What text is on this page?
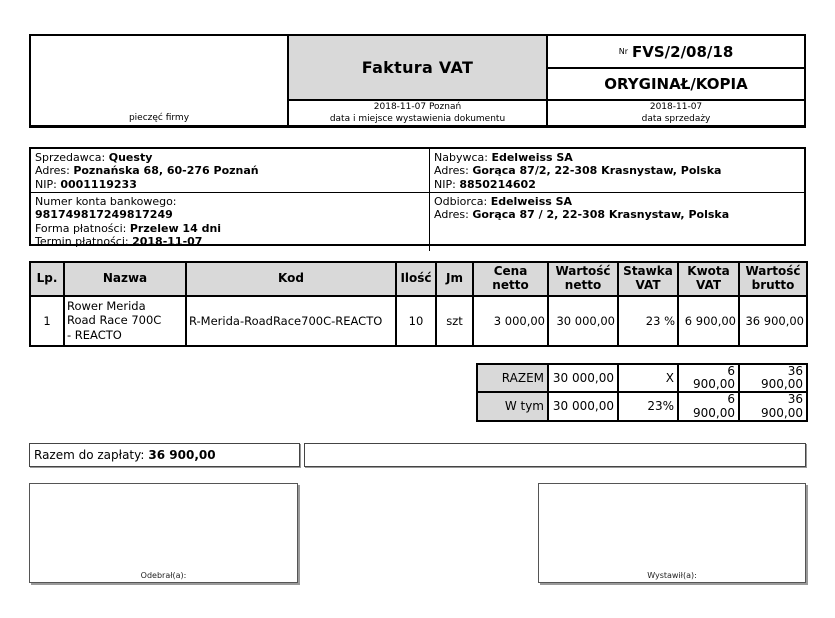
pieczęć firmy
Faktura VAT
2018-11-07 Poznań
data i miejsce wystawienia dokumentu
Nr FVS/2/08/18
ORYGINAŁ/KOPIA
2018-11-07
data sprzedaży
Sprzedawca: Questy
Adres: Poznańska 68, 60-276 Poznań
NIP: 0001119233
Nabywca: Edelweiss SA
Adres: Gorąca 87/2, 22-308 Krasnystaw, Polska
NIP: 8850214602
Numer konta bankowego:
981749817249817249
Forma płatności: Przelew 14 dni
Termin płatności: 2018-11-07
Odbiorca: Edelweiss SA
Adres: Gorąca 87 / 2, 22-308 Krasnystaw, Polska
Lp.	Nazwa	Kod	Ilość	Jm	Cena netto	Wartość netto	Stawka VAT	Kwota VAT	Wartość brutto
1	Rower Merida Road Race 700C - REACTO	R-Merida-RoadRace700C-REACTO	10	szt	3 000,00	30 000,00	23 %	6 900,00	36 900,00
RAZEM	30 000,00	X	6 900,00	36 900,00
W tym	30 000,00	23%	6 900,00	36 900,00
Razem do zapłaty: 36 900,00
Odebrał(a):	Wystawił(a):
